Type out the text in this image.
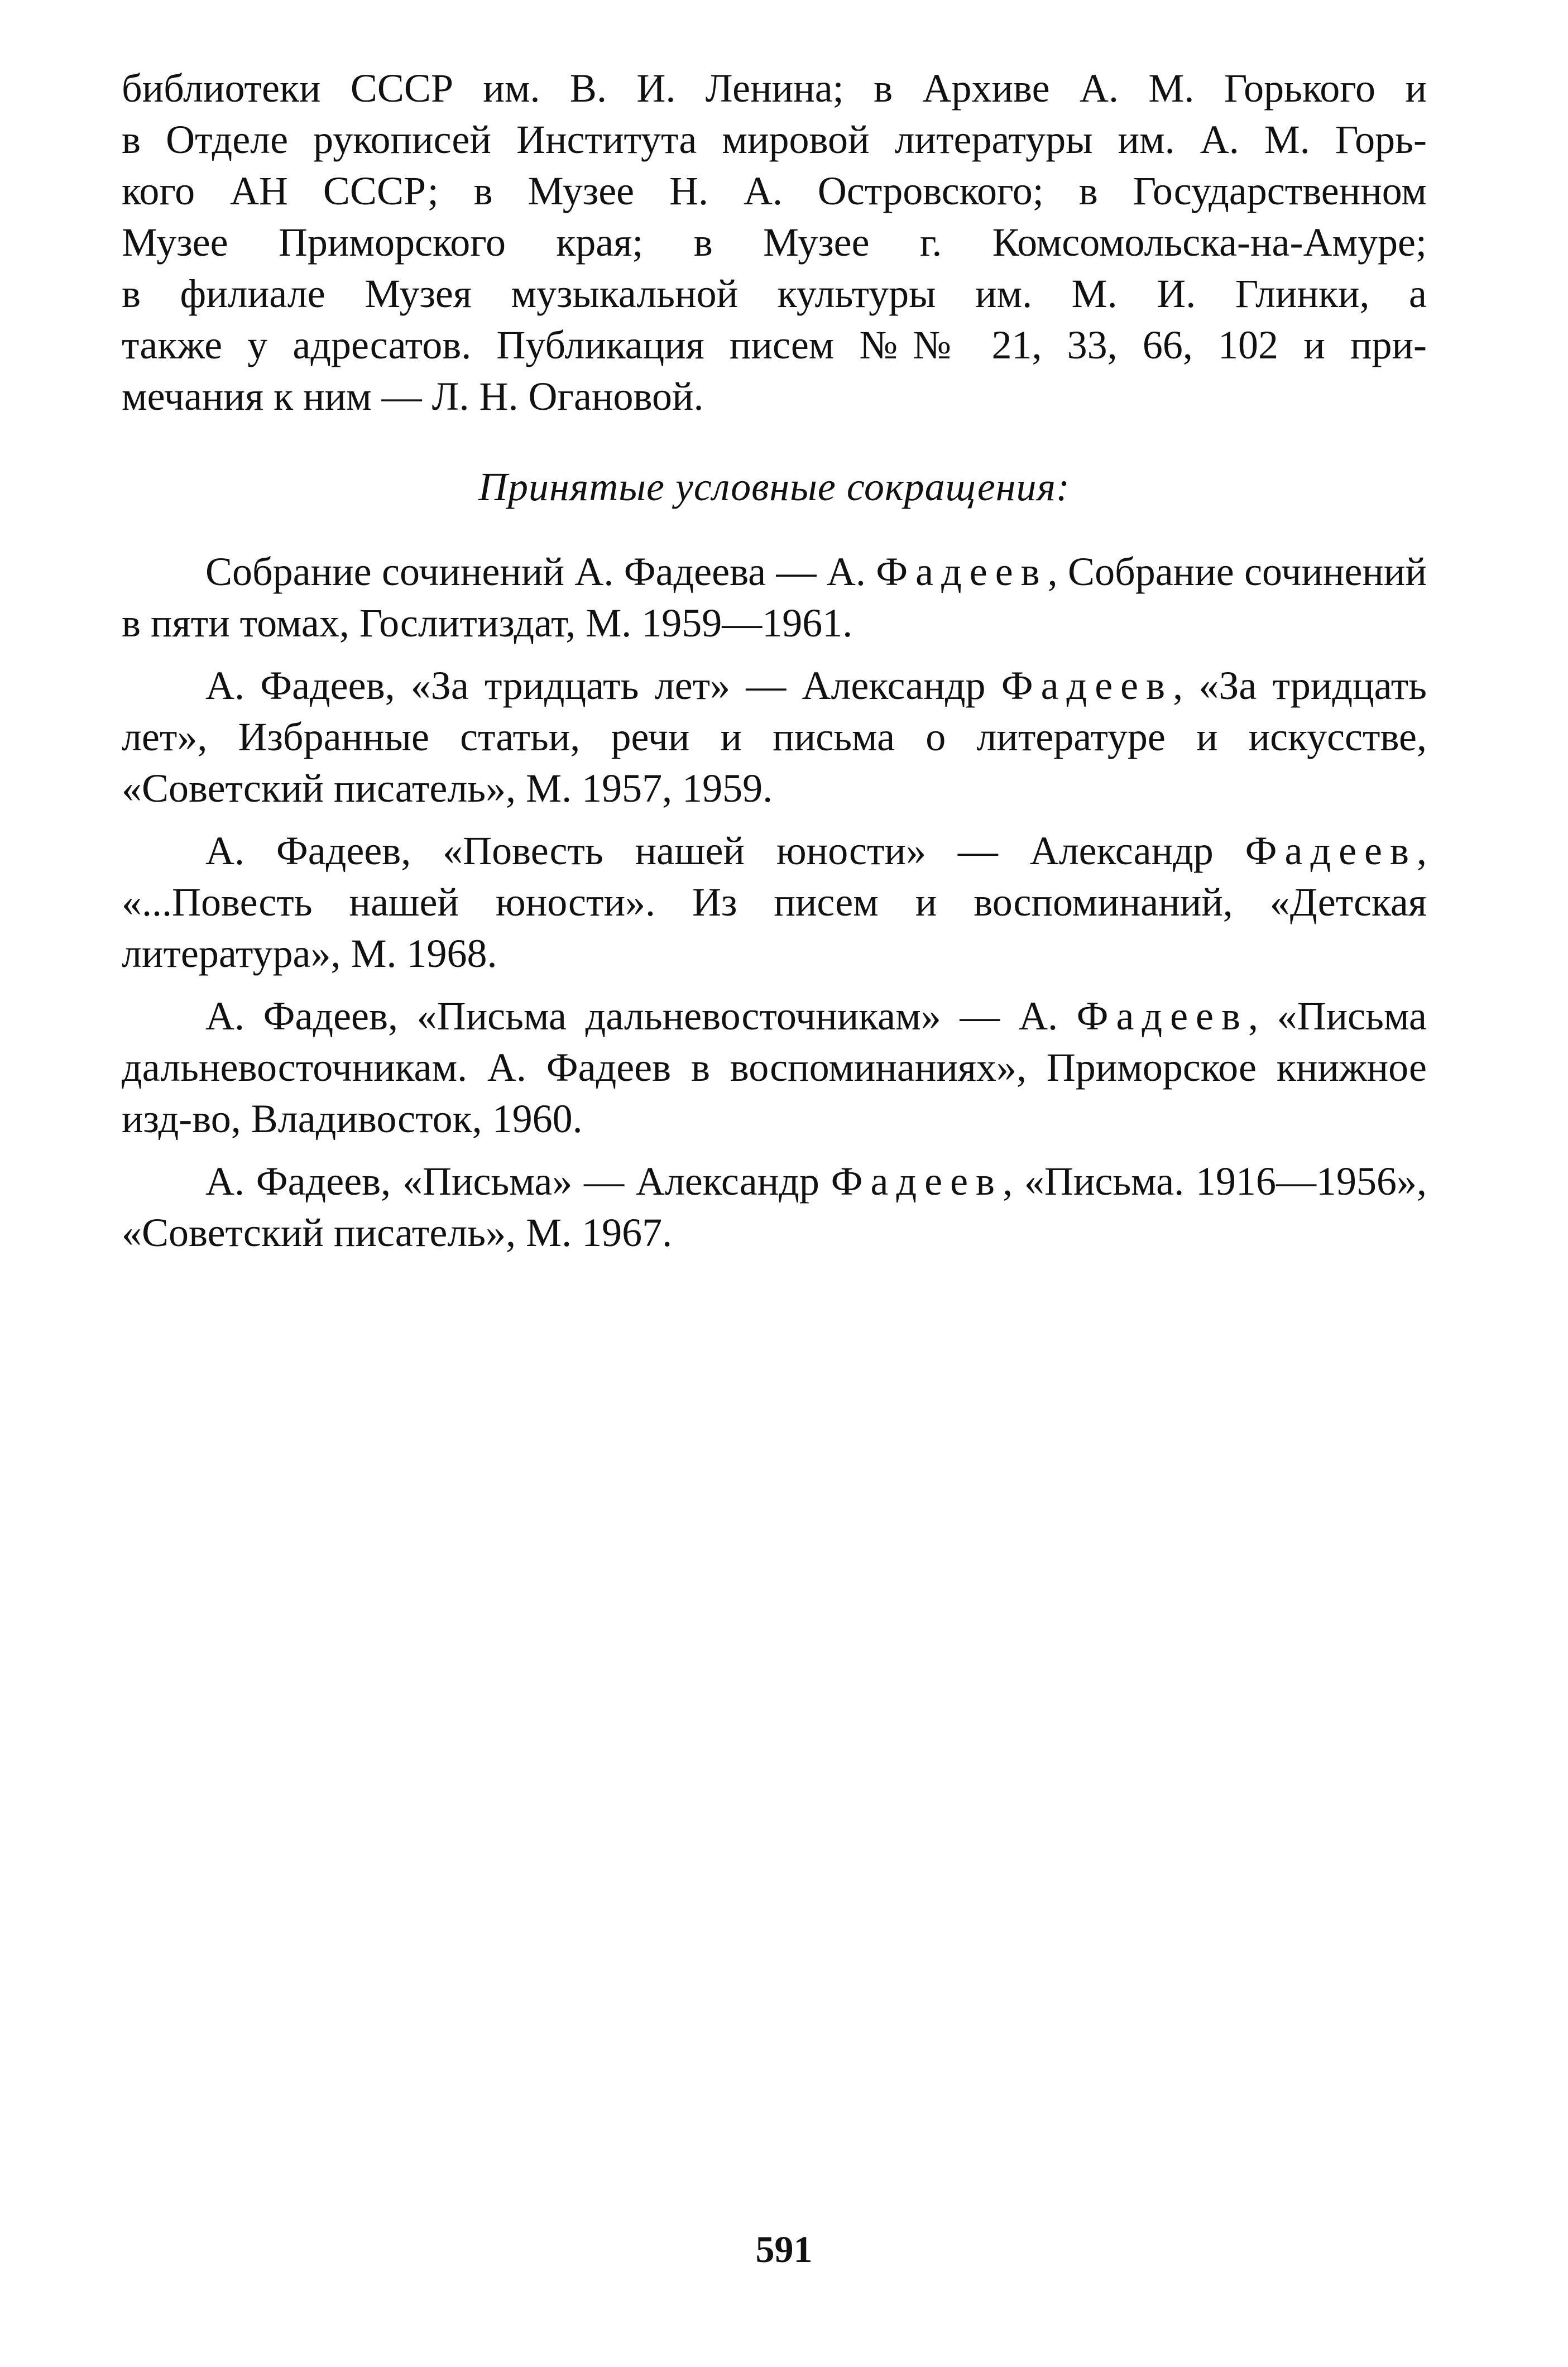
библиотеки СССР им. В. И. Ленина; в Архиве А. М. Горького и
в Отделе рукописей Института мировой литературы им. А. М. Горь-
кого АН СССР; в Музее Н. А. Островского; в Государственном
Музее Приморского края; в Музее г. Комсомольска-на-Амуре;
в филиале Музея музыкальной культуры им. М. И. Глинки, а
также у адресатов. Публикация писем №№ 21, 33, 66, 102 и при-
мечания к ним — Л. Н. Огановой.
Принятые условные сокращения:

Собрание сочинений А. Фадеева — А. Фадеев, Собрание сочинений в пяти томах, Гослитиздат, М. 1959—1961.

А. Фадеев, «За тридцать лет» — Александр Фадеев, «За тридцать лет», Избранные статьи, речи и письма о литературе и искусстве, «Советский писатель», М. 1957, 1959.

А. Фадеев, «Повесть нашей юности» — Александр Фадеев, «...Повесть нашей юности». Из писем и воспоминаний, «Детская литература», М. 1968.

А. Фадеев, «Письма дальневосточникам» — А. Фадеев, «Письма дальневосточникам. А. Фадеев в воспоминаниях», Приморское книжное изд-во, Владивосток, 1960.

А. Фадеев, «Письма» — Александр Фадеев, «Письма. 1916—1956», «Советский писатель», М. 1967.

591
